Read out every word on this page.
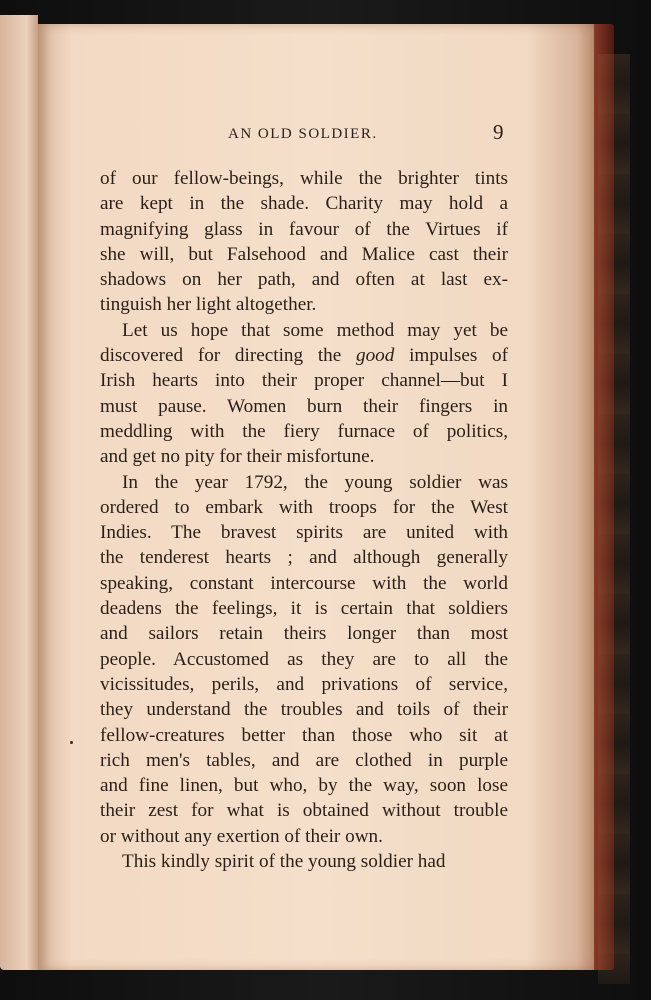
AN OLD SOLDIER.	9

of our fellow-beings, while the brighter tints
are kept in the shade. Charity may hold a
magnifying glass in favour of the Virtues if
she will, but Falsehood and Malice cast their
shadows on her path, and often at last ex-
tinguish her light altogether.

Let us hope that some method may yet be
discovered for directing the good impulses of
Irish hearts into their proper channel—but I
must pause. Women burn their fingers in
meddling with the fiery furnace of politics,
and get no pity for their misfortune.

In the year 1792, the young soldier was
ordered to embark with troops for the West
Indies. The bravest spirits are united with
the tenderest hearts ; and although generally
speaking, constant intercourse with the world
deadens the feelings, it is certain that soldiers
and sailors retain theirs longer than most
people. Accustomed as they are to all the
vicissitudes, perils, and privations of service,
they understand the troubles and toils of their
fellow-creatures better than those who sit at
rich men's tables, and are clothed in purple
and fine linen, but who, by the way, soon lose
their zest for what is obtained without trouble
or without any exertion of their own.

This kindly spirit of the young soldier had
